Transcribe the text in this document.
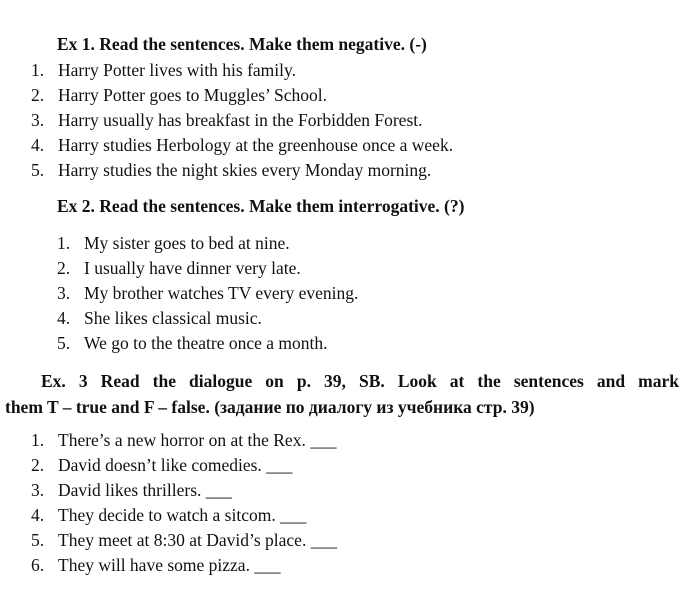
Ex 1. Read the sentences. Make them negative. (-)
1. Harry Potter lives with his family.
2. Harry Potter goes to Muggles’ School.
3. Harry usually has breakfast in the Forbidden Forest.
4. Harry studies Herbology at the greenhouse once a week.
5. Harry studies the night skies every Monday morning.
Ex 2. Read the sentences. Make them interrogative. (?)
1. My sister goes to bed at nine.
2. I usually have dinner very late.
3. My brother watches TV every evening.
4. She likes classical music.
5. We go to the theatre once a month.
Ex. 3 Read the dialogue on p. 39, SB. Look at the sentences and mark
them T – true and F – false. (задание по диалогу из учебника стр. 39)
1. There’s a new horror on at the Rex. ___
2. David doesn’t like comedies. ___
3. David likes thrillers. ___
4. They decide to watch a sitcom. ___
5. They meet at 8:30 at David’s place. ___
6. They will have some pizza. ___
